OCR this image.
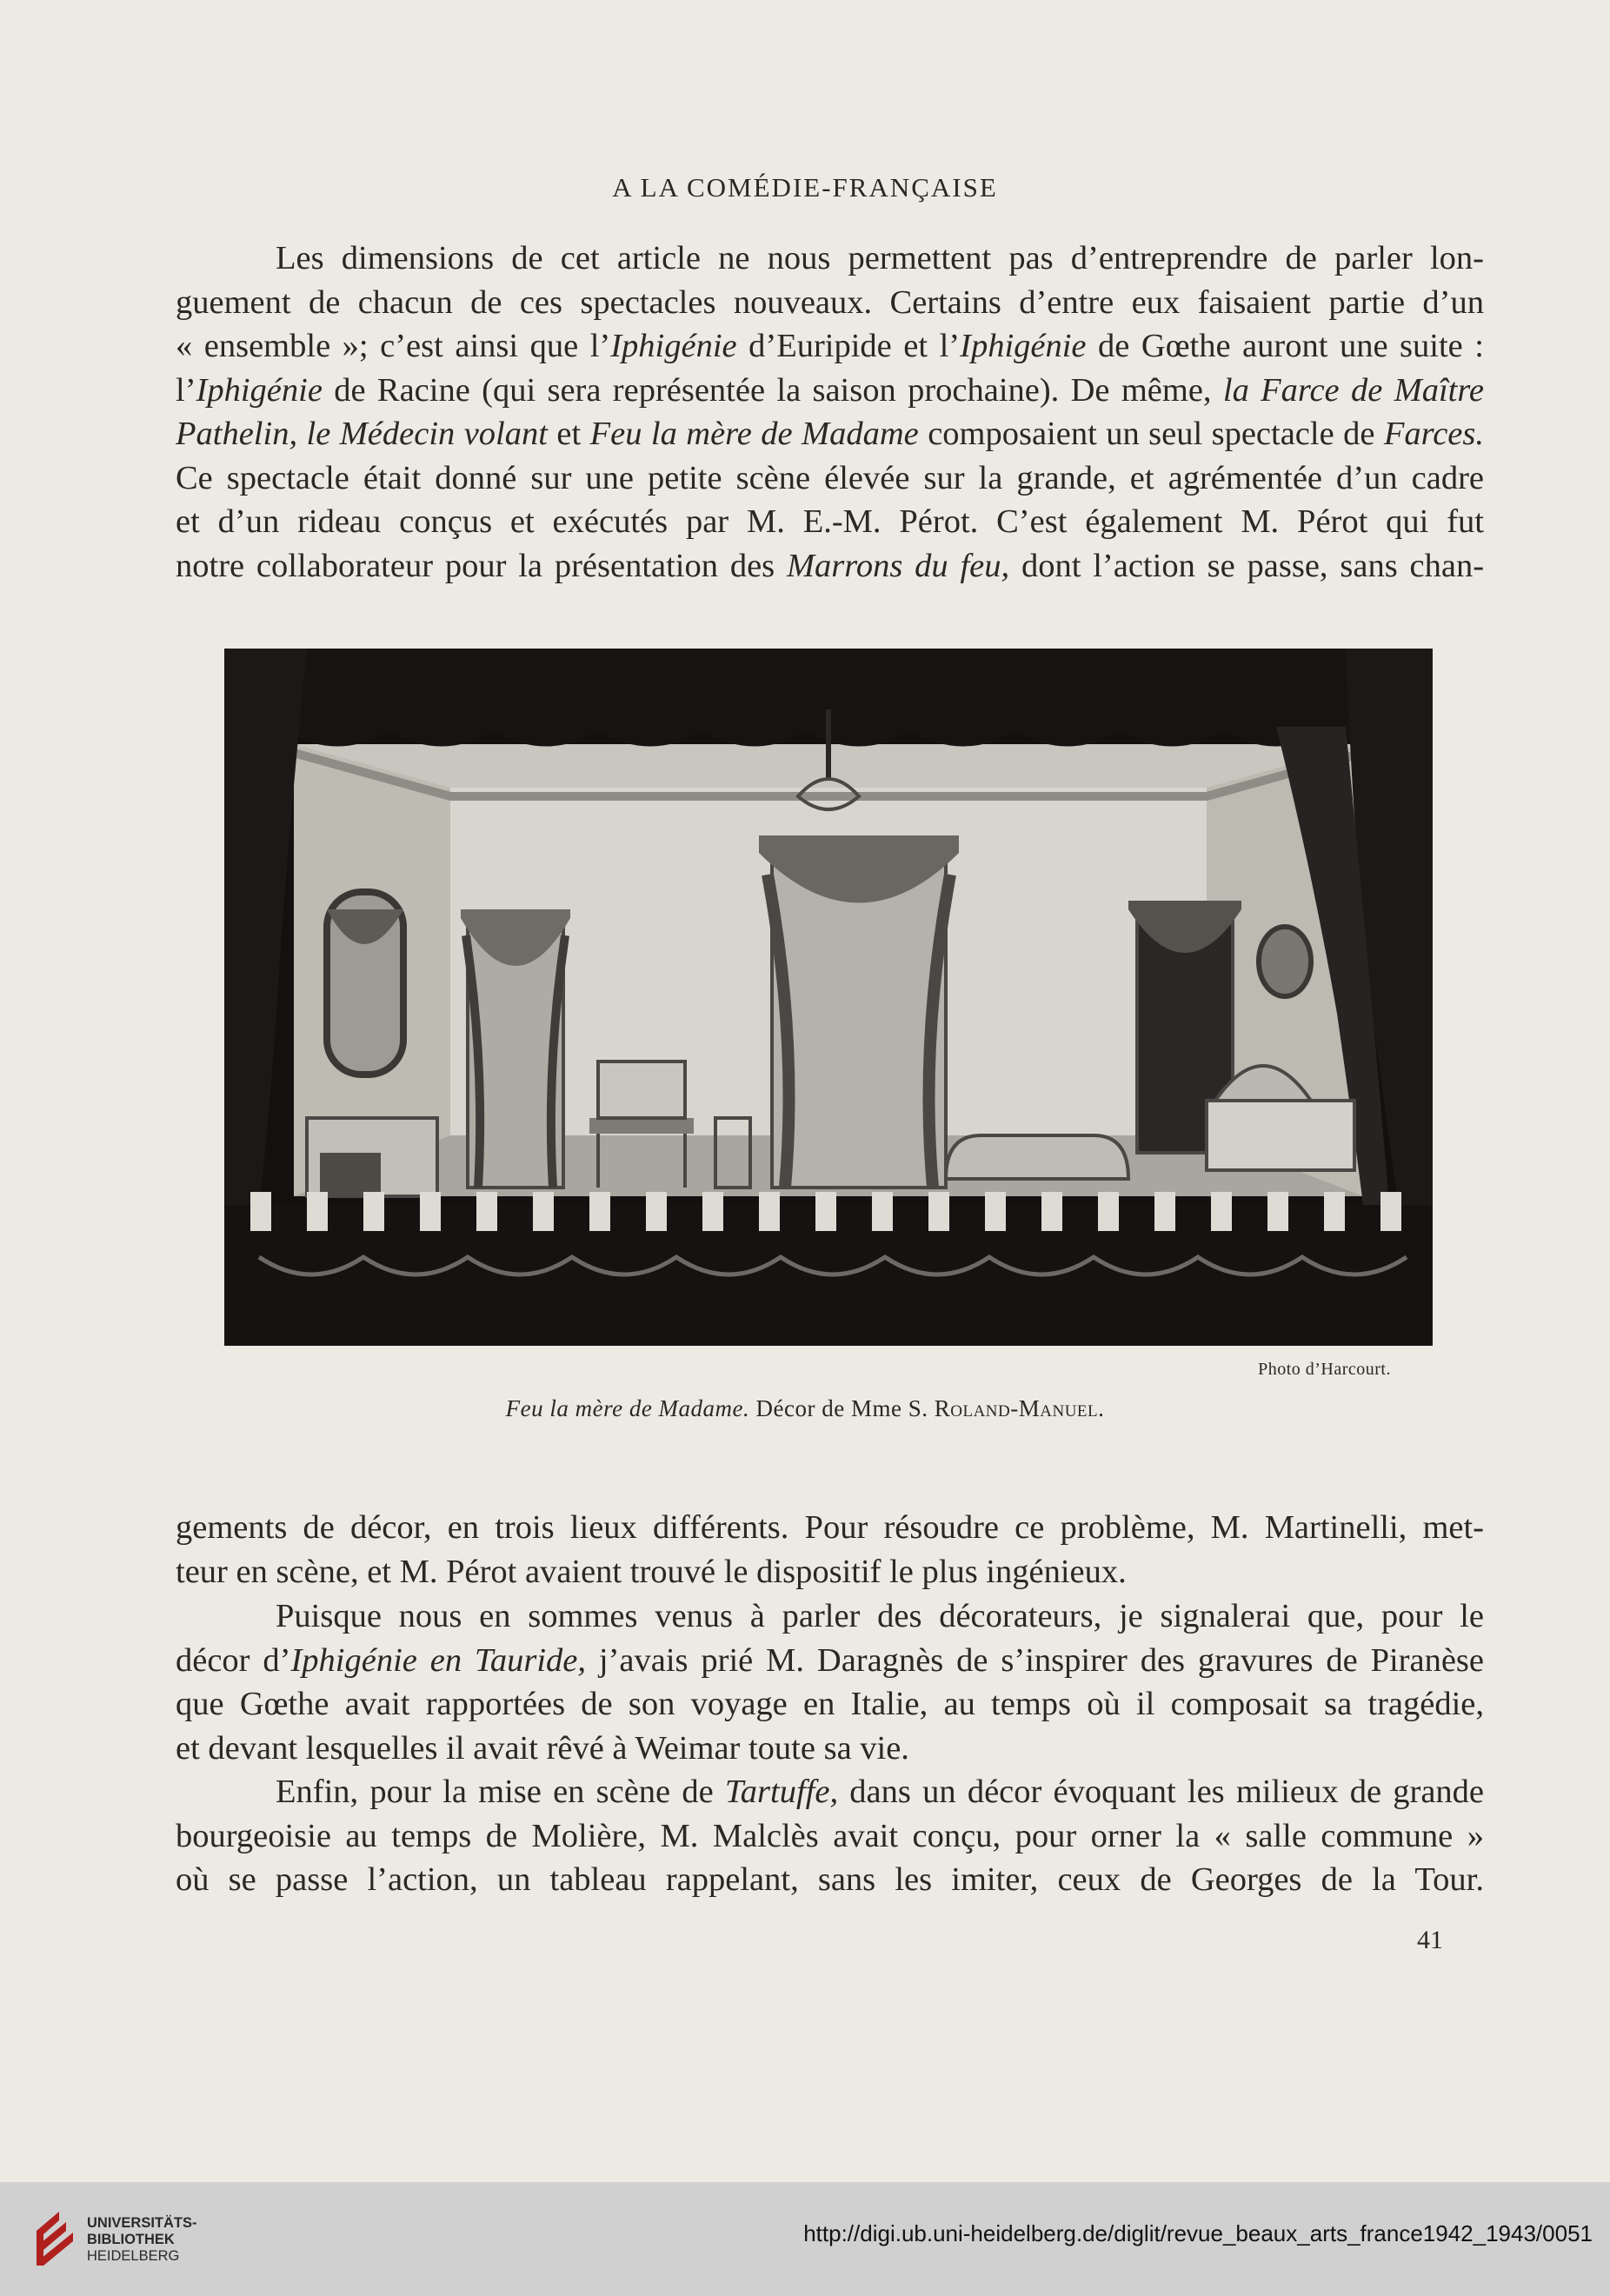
A LA COMÉDIE-FRANÇAISE
Les dimensions de cet article ne nous permettent pas d’entreprendre de parler lon-
guement de chacun de ces spectacles nouveaux. Certains d’entre eux faisaient partie d’un
« ensemble »; c’est ainsi que l’Iphigénie d’Euripide et l’Iphigénie de Gœthe auront une suite :
l’Iphigénie de Racine (qui sera représentée la saison prochaine). De même, la Farce de Maître
Pathelin, le Médecin volant et Feu la mère de Madame composaient un seul spectacle de Farces.
Ce spectacle était donné sur une petite scène élevée sur la grande, et agrémentée d’un cadre
et d’un rideau conçus et exécutés par M. E.-M. Pérot. C’est également M. Pérot qui fut
notre collaborateur pour la présentation des Marrons du feu, dont l’action se passe, sans chan-
Photo d’Harcourt.
Feu la mère de Madame. Décor de Mme S. Roland-Manuel.
gements de décor, en trois lieux différents. Pour résoudre ce problème, M. Martinelli, met-
teur en scène, et M. Pérot avaient trouvé le dispositif le plus ingénieux.
Puisque nous en sommes venus à parler des décorateurs, je signalerai que, pour le
décor d’Iphigénie en Tauride, j’avais prié M. Daragnès de s’inspirer des gravures de Piranèse
que Gœthe avait rapportées de son voyage en Italie, au temps où il composait sa tragédie,
et devant lesquelles il avait rêvé à Weimar toute sa vie.
Enfin, pour la mise en scène de Tartuffe, dans un décor évoquant les milieux de grande
bourgeoisie au temps de Molière, M. Malclès avait conçu, pour orner la « salle commune »
où se passe l’action, un tableau rappelant, sans les imiter, ceux de Georges de la Tour.
41
UNIVERSITÄTS-
BIBLIOTHEK
HEIDELBERG
http://digi.ub.uni-heidelberg.de/diglit/revue_beaux_arts_france1942_1943/0051
